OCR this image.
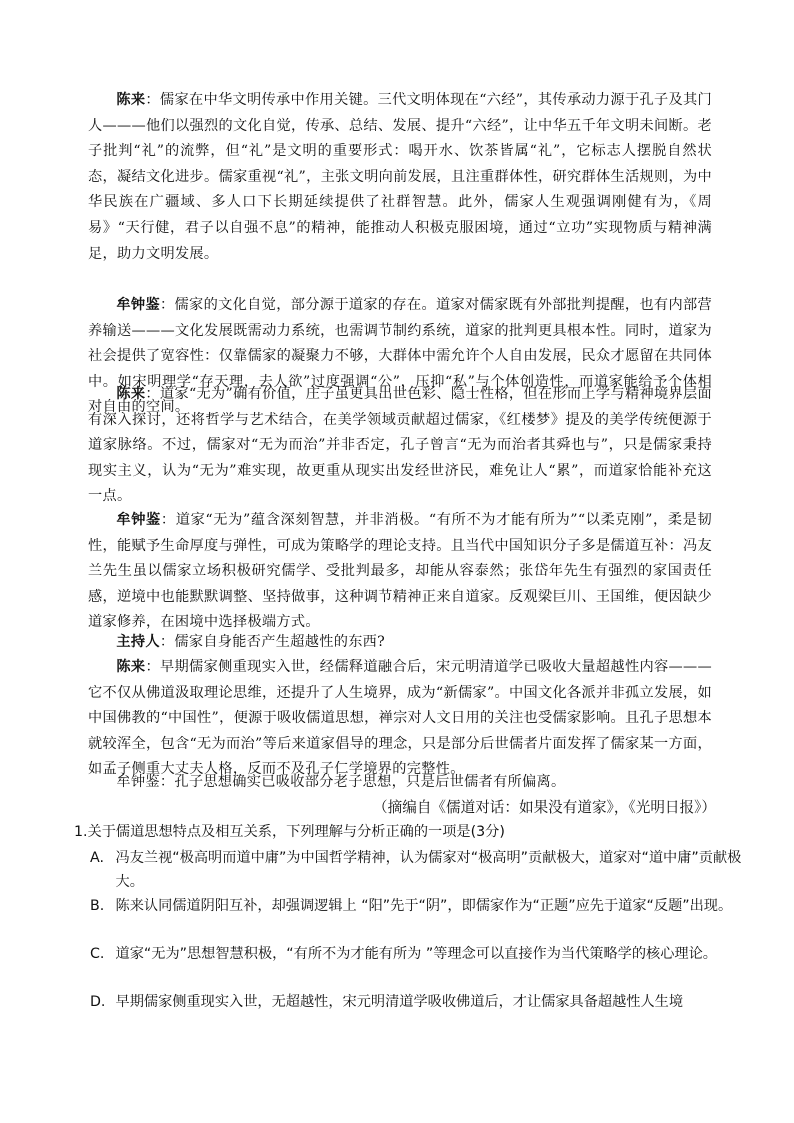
陈来：儒家在中华文明传承中作用关键。三代文明体现在“六经”，其传承动力源于孔子及其门人———他们以强烈的文化自觉，传承、总结、发展、提升“六经”，让中华五千年文明未间断。老子批判“礼”的流弊，但“礼”是文明的重要形式：喝开水、饮茶皆属“礼”，它标志人摆脱自然状态，凝结文化进步。儒家重视“礼”，主张文明向前发展，且注重群体性，研究群体生活规则，为中华民族在广疆域、多人口下长期延续提供了社群智慧。此外，儒家人生观强调刚健有为，《周易》“天行健，君子以自强不息”的精神，能推动人积极克服困境，通过“立功”实现物质与精神满足，助力文明发展。

牟钟鉴：儒家的文化自觉，部分源于道家的存在。道家对儒家既有外部批判提醒，也有内部营养输送———文化发展既需动力系统，也需调节制约系统，道家的批判更具根本性。同时，道家为社会提供了宽容性：仅靠儒家的凝聚力不够，大群体中需允许个人自由发展，民众才愿留在共同体中。如宋明理学“存天理，去人欲”过度强调“公”，压抑“私”与个体创造性，而道家能给予个体相对自由的空间。

陈来：道家“无为”确有价值，庄子虽更具出世色彩、隐士性格，但在形而上学与精神境界层面有深入探讨，还将哲学与艺术结合，在美学领域贡献超过儒家，《红楼梦》提及的美学传统便源于道家脉络。不过，儒家对“无为而治”并非否定，孔子曾言“无为而治者其舜也与”，只是儒家秉持现实主义，认为“无为”难实现，故更重从现实出发经世济民，难免让人“累”，而道家恰能补充这一点。

牟钟鉴：道家“无为”蕴含深刻智慧，并非消极。“有所不为才能有所为”“以柔克刚”，柔是韧性，能赋予生命厚度与弹性，可成为策略学的理论支持。且当代中国知识分子多是儒道互补：冯友兰先生虽以儒家立场积极研究儒学、受批判最多，却能从容泰然；张岱年先生有强烈的家国责任感，逆境中也能默默调整、坚持做事，这种调节精神正来自道家。反观梁巨川、王国维，便因缺少道家修养，在困境中选择极端方式。

主持人：儒家自身能否产生超越性的东西?

陈来：早期儒家侧重现实入世，经儒释道融合后，宋元明清道学已吸收大量超越性内容———它不仅从佛道汲取理论思维，还提升了人生境界，成为“新儒家”。中国文化各派并非孤立发展，如中国佛教的“中国性”，便源于吸收儒道思想，禅宗对人文日用的关注也受儒家影响。且孔子思想本就较浑全，包含“无为而治”等后来道家倡导的理念，只是部分后世儒者片面发挥了儒家某一方面，如孟子侧重大丈夫人格，反而不及孔子仁学境界的完整性。

牟钟鉴：孔子思想确实已吸收部分老子思想，只是后世儒者有所偏离。

（摘编自《儒道对话：如果没有道家》，《光明日报》）
1.关于儒道思想特点及相互关系，下列理解与分析正确的一项是(3分)
A. 冯友兰视“极高明而道中庸”为中国哲学精神，认为儒家对“极高明”贡献极大，道家对“道中庸”贡献极大。
B. 陈来认同儒道阴阳互补，却强调逻辑上 “阳”先于“阴”，即儒家作为“正题”应先于道家“反题”出现。
C. 道家“无为”思想智慧积极，“有所不为才能有所为 ”等理念可以直接作为当代策略学的核心理论。
D. 早期儒家侧重现实入世，无超越性，宋元明清道学吸收佛道后，才让儒家具备超越性人生境
